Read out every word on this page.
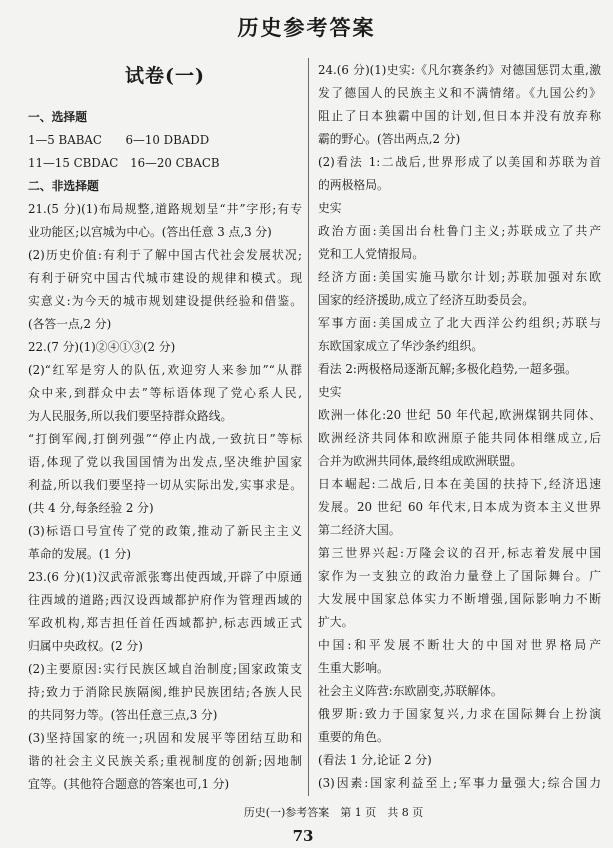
历史参考答案
试卷(一)
一、选择题
1—5 BABAC　　6—10 DBADD
11—15 CBDAC　16—20 CBACB
二、非选择题
21.(5 分)(1)布局规整,道路规划呈“井”字形;有专
业功能区;以宫城为中心。(答出任意 3 点,3 分)
(2)历史价值:有利于了解中国古代社会发展状况;
有利于研究中国古代城市建设的规律和模式。现
实意义:为今天的城市规划建设提供经验和借鉴。
(各答一点,2 分)
22.(7 分)(1)②④①③(2 分)
(2)“红军是穷人的队伍,欢迎穷人来参加”“从群
众中来,到群众中去”等标语体现了党心系人民,
为人民服务,所以我们要坚持群众路线。
“打倒军阀,打倒列强”“停止内战,一致抗日”等标
语,体现了党以我国国情为出发点,坚决维护国家
利益,所以我们要坚持一切从实际出发,实事求是。
(共 4 分,每条经验 2 分)
(3)标语口号宣传了党的政策,推动了新民主主义
革命的发展。(1 分)
23.(6 分)(1)汉武帝派张骞出使西域,开辟了中原通
往西域的道路;西汉设西域都护府作为管理西域的
军政机构,郑吉担任首任西域都护,标志西域正式
归属中央政权。(2 分)
(2)主要原因:实行民族区域自治制度;国家政策支
持;致力于消除民族隔阂,维护民族团结;各族人民
的共同努力等。(答出任意三点,3 分)
(3)坚持国家的统一;巩固和发展平等团结互助和
谐的社会主义民族关系;重视制度的创新;因地制
宜等。(其他符合题意的答案也可,1 分)
24.(6 分)(1)史实:《凡尔赛条约》对德国惩罚太重,激
发了德国人的民族主义和不满情绪。《九国公约》
阻止了日本独霸中国的计划,但日本并没有放弃称
霸的野心。(答出两点,2 分)
(2)看法 1:二战后,世界形成了以美国和苏联为首
的两极格局。
史实
政治方面:美国出台杜鲁门主义;苏联成立了共产
党和工人党情报局。
经济方面:美国实施马歇尔计划;苏联加强对东欧
国家的经济援助,成立了经济互助委员会。
军事方面:美国成立了北大西洋公约组织;苏联与
东欧国家成立了华沙条约组织。
看法 2:两极格局逐渐瓦解;多极化趋势,一超多强。
史实
欧洲一体化:20 世纪 50 年代起,欧洲煤钢共同体、
欧洲经济共同体和欧洲原子能共同体相继成立,后
合并为欧洲共同体,最终组成欧洲联盟。
日本崛起:二战后,日本在美国的扶持下,经济迅速
发展。20 世纪 60 年代末,日本成为资本主义世界
第二经济大国。
第三世界兴起:万隆会议的召开,标志着发展中国
家作为一支独立的政治力量登上了国际舞台。广
大发展中国家总体实力不断增强,国际影响力不断
扩大。
中国:和平发展不断壮大的中国对世界格局产
生重大影响。
社会主义阵营:东欧剧变,苏联解体。
俄罗斯:致力于国家复兴,力求在国际舞台上扮演
重要的角色。
(看法 1 分,论证 2 分)
(3)因素:国家利益至上;军事力量强大;综合国力
历史(一)参考答案　第 1 页　共 8 页
73
